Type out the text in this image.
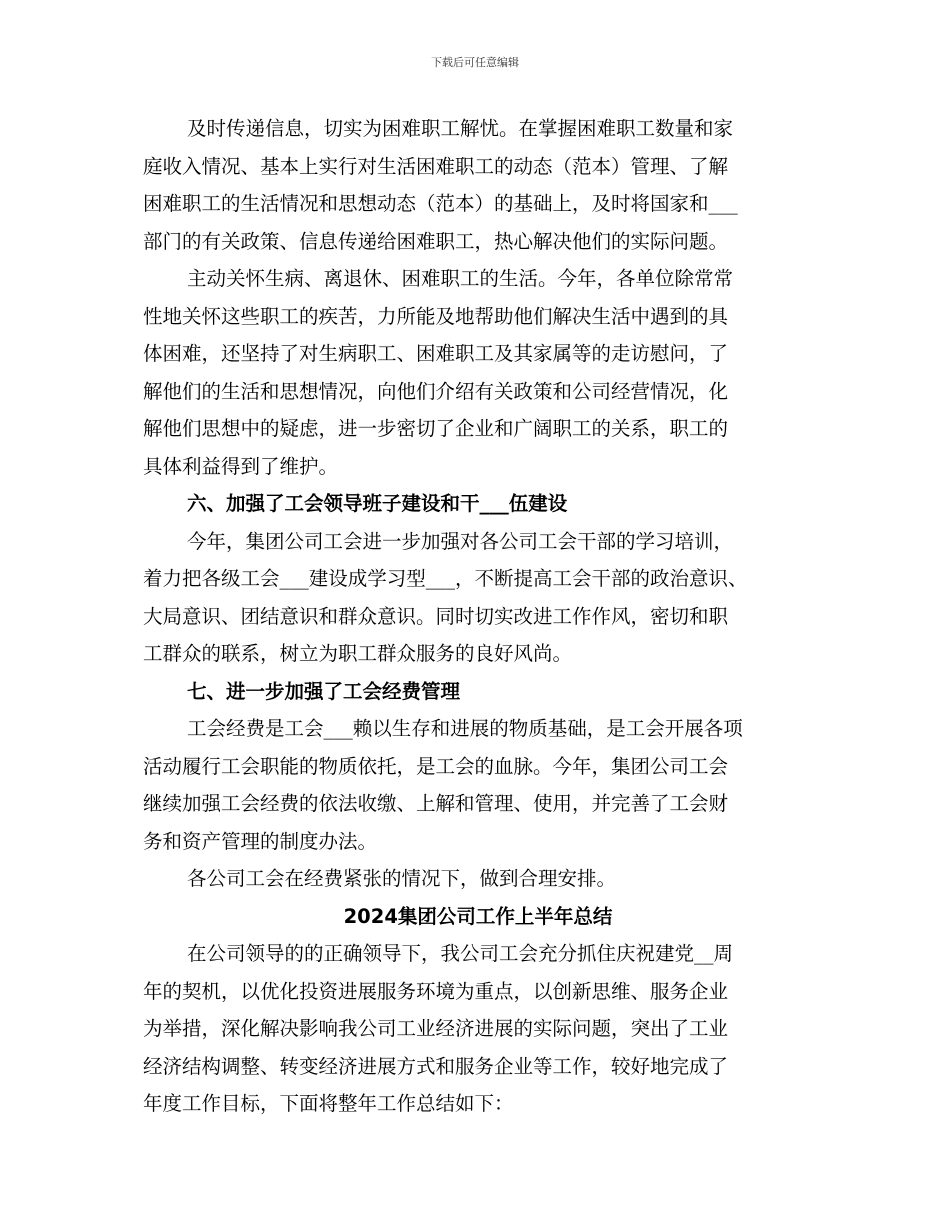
下载后可任意编辑
及时传递信息，切实为困难职工解忧。在掌握困难职工数量和家
庭收入情况、基本上实行对生活困难职工的动态（范本）管理、了解
困难职工的生活情况和思想动态（范本）的基础上，及时将国家和___
部门的有关政策、信息传递给困难职工，热心解决他们的实际问题。
主动关怀生病、离退休、困难职工的生活。今年，各单位除常常
性地关怀这些职工的疾苦，力所能及地帮助他们解决生活中遇到的具
体困难，还坚持了对生病职工、困难职工及其家属等的走访慰问，了
解他们的生活和思想情况，向他们介绍有关政策和公司经营情况，化
解他们思想中的疑虑，进一步密切了企业和广阔职工的关系，职工的
具体利益得到了维护。
六、加强了工会领导班子建设和干___伍建设
今年，集团公司工会进一步加强对各公司工会干部的学习培训，
着力把各级工会___建设成学习型___，不断提高工会干部的政治意识、
大局意识、团结意识和群众意识。同时切实改进工作作风，密切和职
工群众的联系，树立为职工群众服务的良好风尚。
七、进一步加强了工会经费管理
工会经费是工会___赖以生存和进展的物质基础，是工会开展各项
活动履行工会职能的物质依托，是工会的血脉。今年，集团公司工会
继续加强工会经费的依法收缴、上解和管理、使用，并完善了工会财
务和资产管理的制度办法。
各公司工会在经费紧张的情况下，做到合理安排。
2024集团公司工作上半年总结
在公司领导的的正确领导下，我公司工会充分抓住庆祝建党__周
年的契机，以优化投资进展服务环境为重点，以创新思维、服务企业
为举措，深化解决影响我公司工业经济进展的实际问题，突出了工业
经济结构调整、转变经济进展方式和服务企业等工作，较好地完成了
年度工作目标，下面将整年工作总结如下：
